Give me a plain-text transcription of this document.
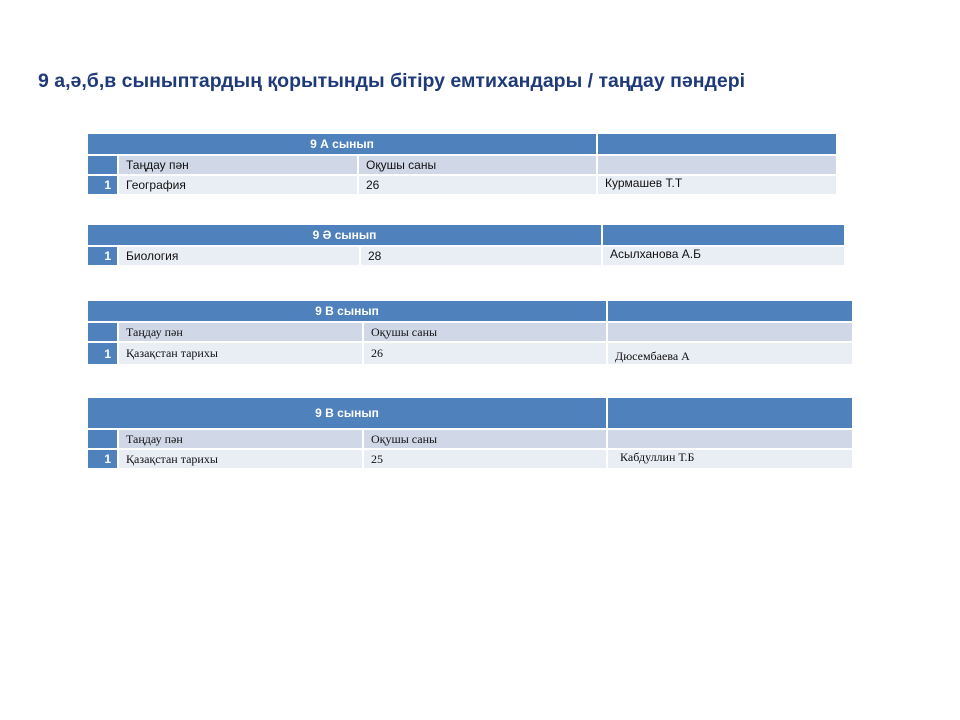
9 а,ә,б,в сыныптардың қорытынды бітіру емтихандары / таңдау пәндері
9 А сынып			
	Таңдау пән	Оқушы саны	
1	География	26	Курмашев Т.Т
9 Ә сынып			
1	Биология	28	Асылханова А.Б
9 В сынып			
	Таңдау пән	Оқушы саны	
1	Қазақстан тарихы	26	Дюсембаева А
9 В сынып			
	Таңдау пән	Оқушы саны	
1	Қазақстан тарихы	25	Кабдуллин Т.Б
